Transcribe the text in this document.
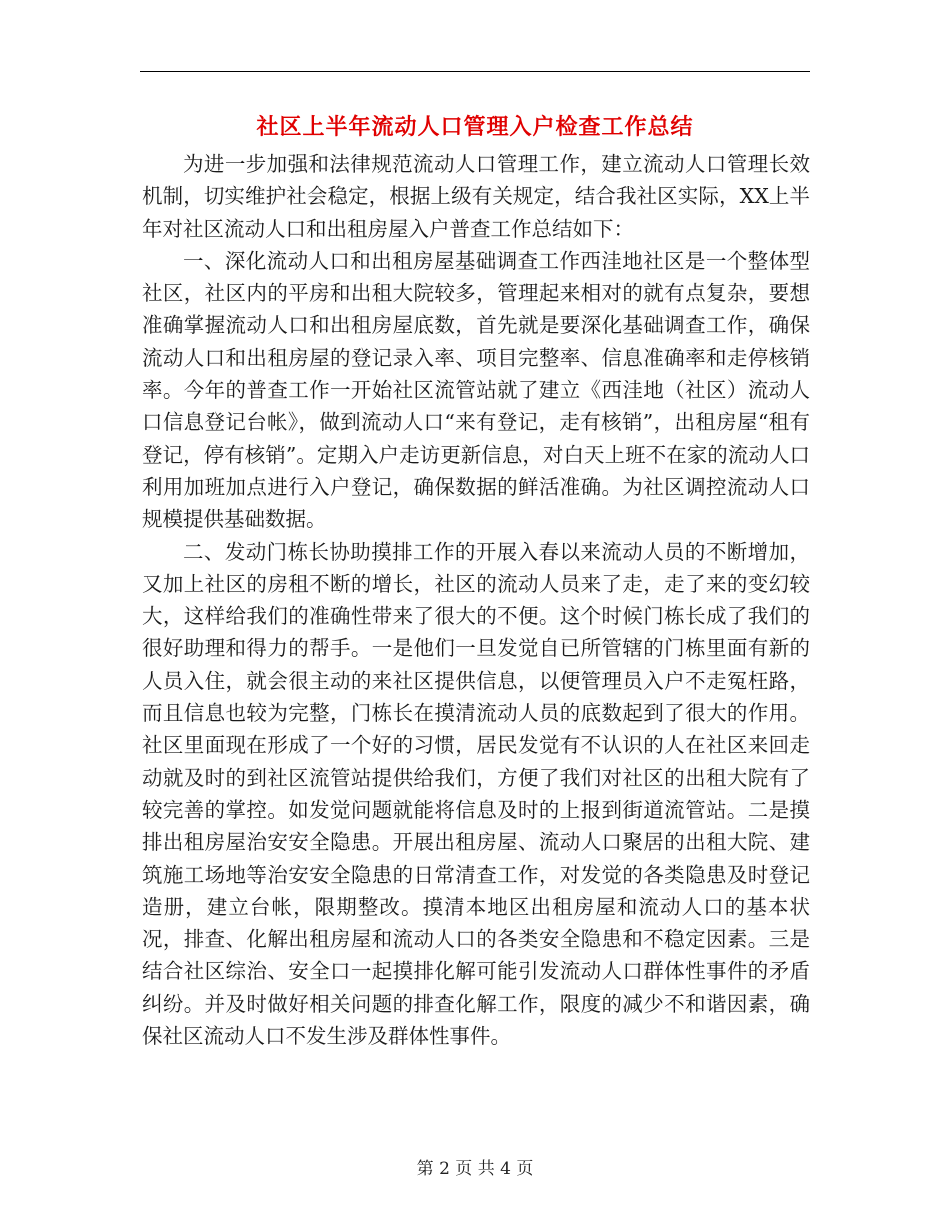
社区上半年流动人口管理入户检查工作总结

为进一步加强和法律规范流动人口管理工作，建立流动人口管理长效机制，切实维护社会稳定，根据上级有关规定，结合我社区实际，XX上半年对社区流动人口和出租房屋入户普查工作总结如下：

一、深化流动人口和出租房屋基础调查工作西洼地社区是一个整体型社区，社区内的平房和出租大院较多，管理起来相对的就有点复杂，要想准确掌握流动人口和出租房屋底数，首先就是要深化基础调查工作，确保流动人口和出租房屋的登记录入率、项目完整率、信息准确率和走停核销率。今年的普查工作一开始社区流管站就了建立《西洼地（社区）流动人口信息登记台帐》，做到流动人口“来有登记，走有核销”，出租房屋“租有登记，停有核销”。定期入户走访更新信息，对白天上班不在家的流动人口利用加班加点进行入户登记，确保数据的鲜活准确。为社区调控流动人口规模提供基础数据。

二、发动门栋长协助摸排工作的开展入春以来流动人员的不断增加，又加上社区的房租不断的增长，社区的流动人员来了走，走了来的变幻较大，这样给我们的准确性带来了很大的不便。这个时候门栋长成了我们的很好助理和得力的帮手。一是他们一旦发觉自已所管辖的门栋里面有新的人员入住，就会很主动的来社区提供信息，以便管理员入户不走冤枉路，而且信息也较为完整，门栋长在摸清流动人员的底数起到了很大的作用。社区里面现在形成了一个好的习惯，居民发觉有不认识的人在社区来回走动就及时的到社区流管站提供给我们，方便了我们对社区的出租大院有了较完善的掌控。如发觉问题就能将信息及时的上报到街道流管站。二是摸排出租房屋治安安全隐患。开展出租房屋、流动人口聚居的出租大院、建筑施工场地等治安安全隐患的日常清查工作，对发觉的各类隐患及时登记造册，建立台帐，限期整改。摸清本地区出租房屋和流动人口的基本状况，排查、化解出租房屋和流动人口的各类安全隐患和不稳定因素。三是结合社区综治、安全口一起摸排化解可能引发流动人口群体性事件的矛盾纠纷。并及时做好相关问题的排查化解工作，限度的减少不和谐因素，确保社区流动人口不发生涉及群体性事件。

第 2 页 共 4 页
